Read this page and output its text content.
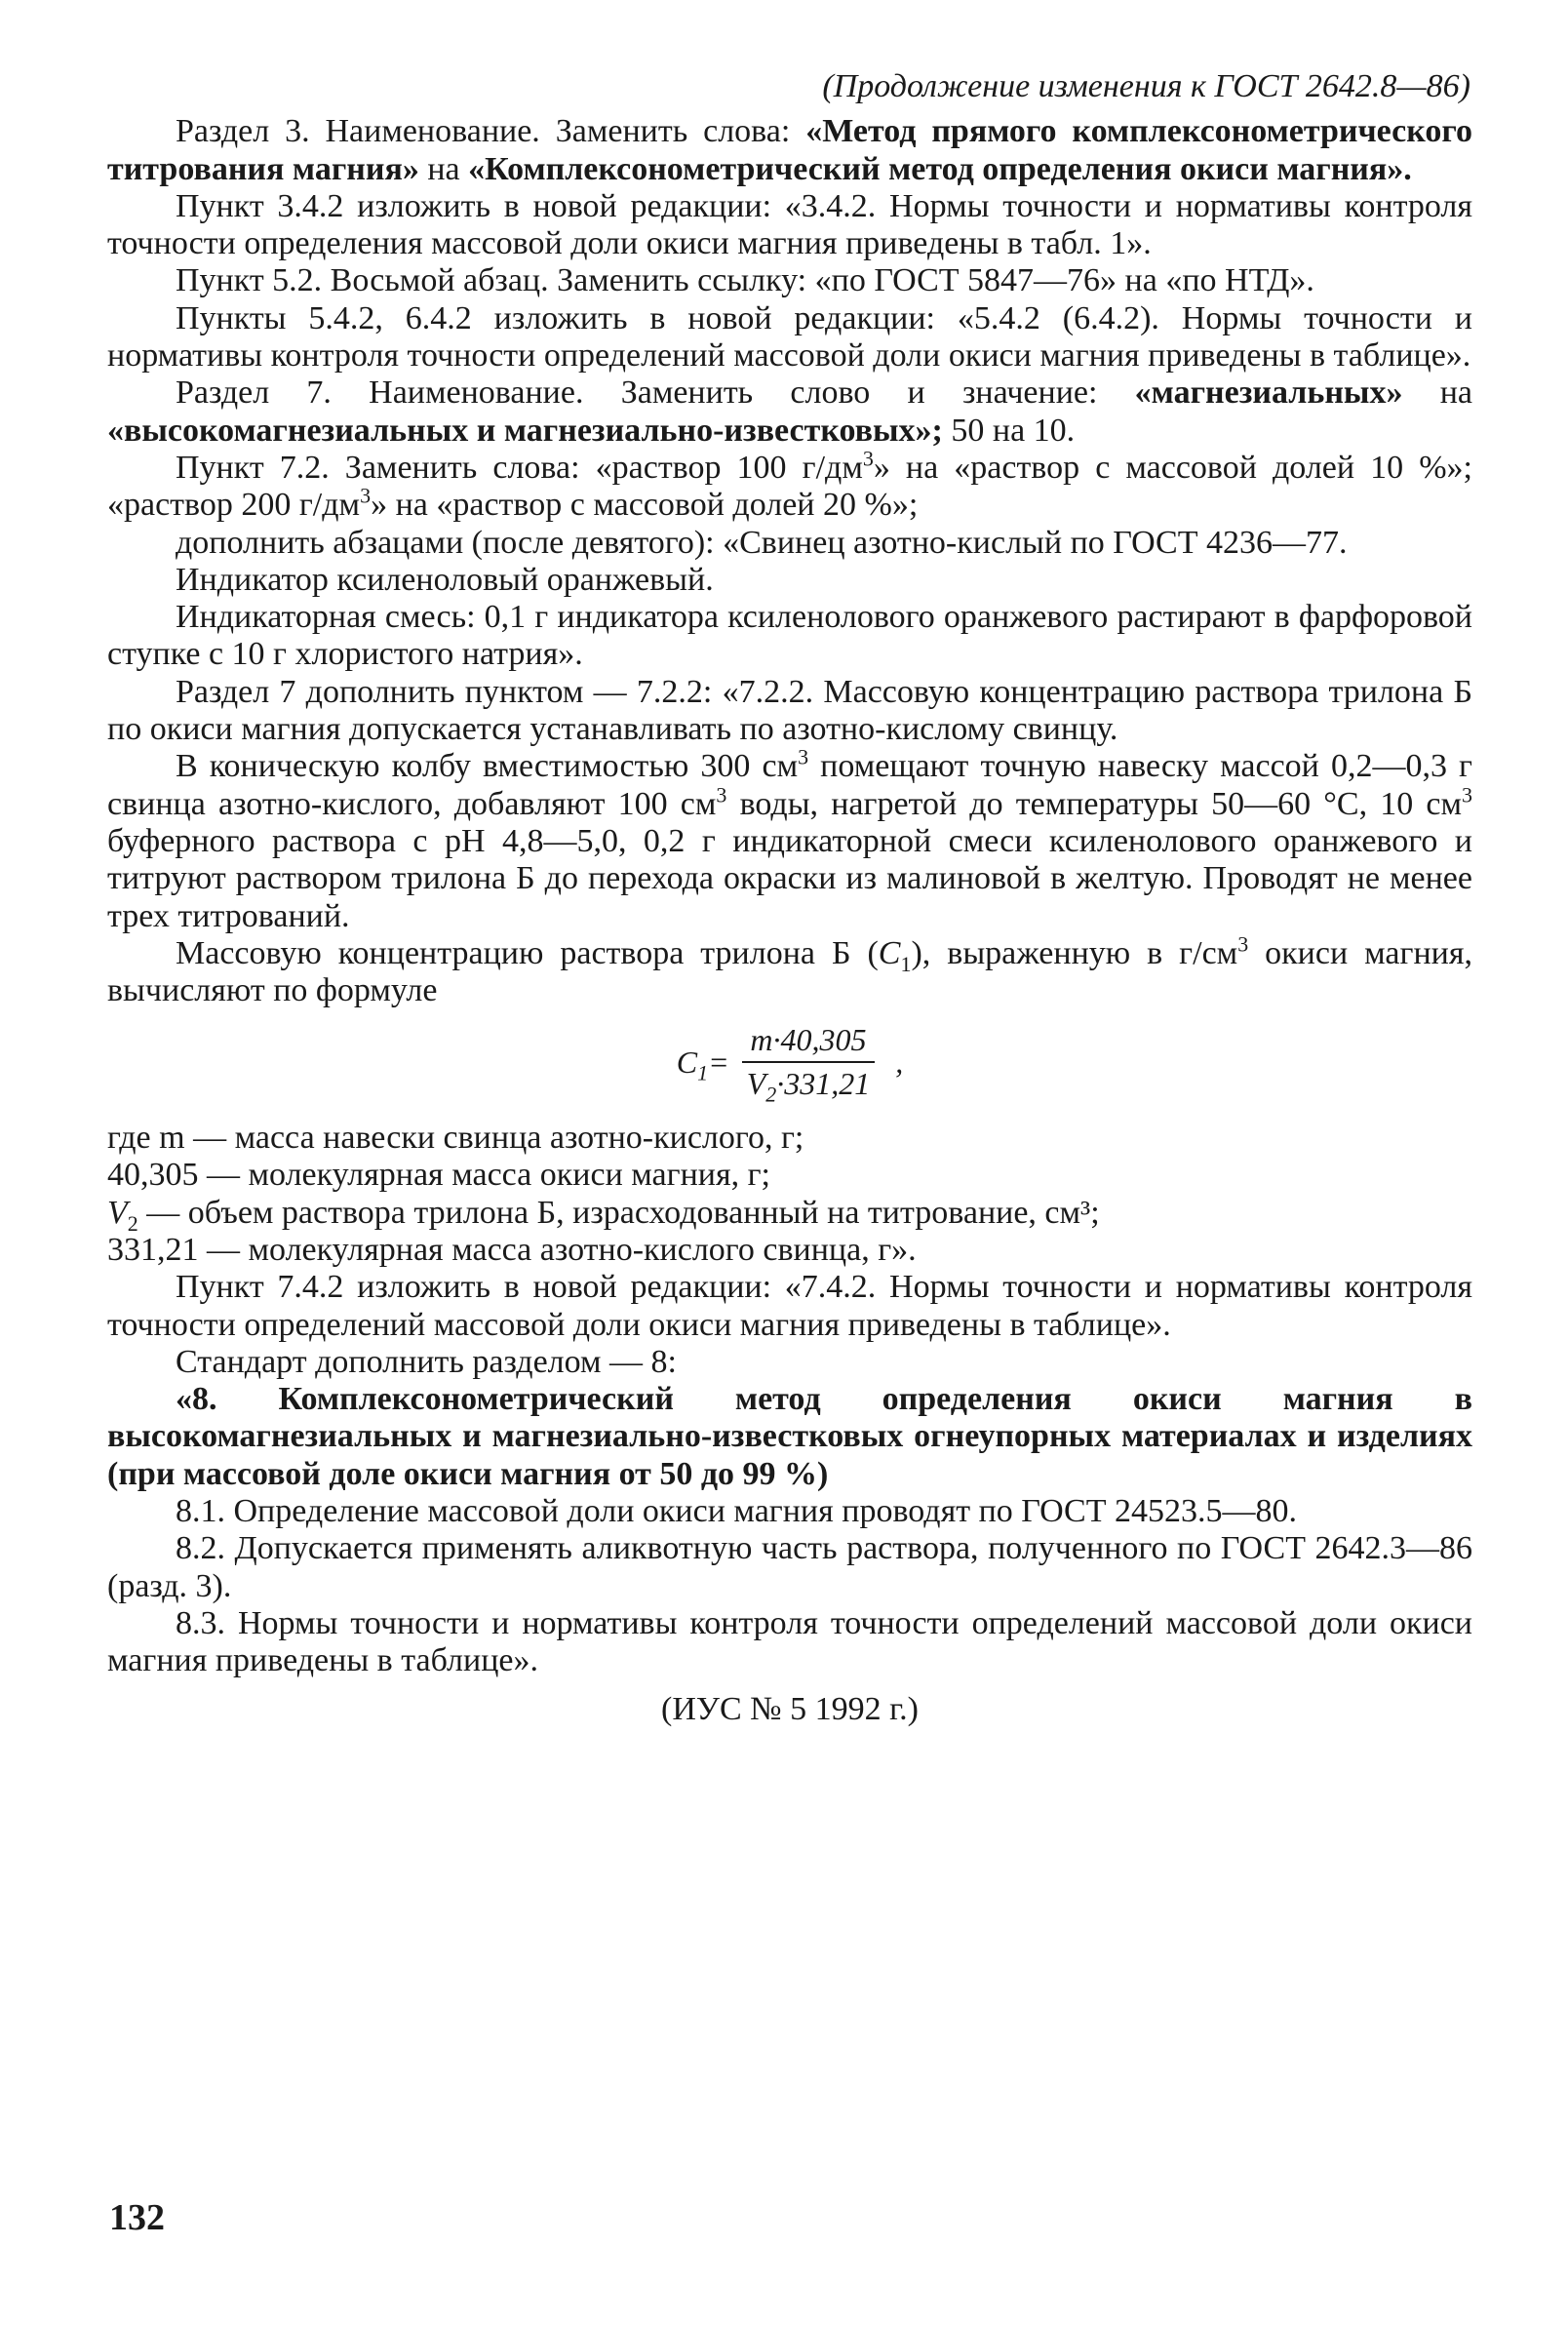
(Продолжение изменения к ГОСТ 2642.8—86)

Раздел 3. Наименование. Заменить слова: «Метод прямого комплексонометрического титрования магния» на «Комплексонометрический метод определения окиси магния».

Пункт 3.4.2 изложить в новой редакции: «3.4.2. Нормы точности и нормативы контроля точности определения массовой доли окиси магния приведены в табл. 1».

Пункт 5.2. Восьмой абзац. Заменить ссылку: «по ГОСТ 5847—76» на «по НТД».

Пункты 5.4.2, 6.4.2 изложить в новой редакции: «5.4.2 (6.4.2). Нормы точности и нормативы контроля точности определений массовой доли окиси магния приведены в таблице».

Раздел 7. Наименование. Заменить слово и значение: «магнезиальных» на «высокомагнезиальных и магнезиально-известковых»; 50 на 10.

Пункт 7.2. Заменить слова: «раствор 100 $г/дм^3$» на «раствор с массовой долей 10 %»; «раствор 200 $г/дм^3$» на «раствор с массовой долей 20 %»;

дополнить абзацами (после девятого): «Свинец азотно-кислый по ГОСТ 4236—77.

Индикатор ксиленоловый оранжевый.

Индикаторная смесь: 0,1 г индикатора ксиленолового оранжевого растирают в фарфоровой ступке с 10 г хлористого натрия».

Раздел 7 дополнить пунктом — 7.2.2: «7.2.2. Массовую концентрацию раствора трилона Б по окиси магния допускается устанавливать по азотно-кислому свинцу.

В коническую колбу вместимостью 300 $см^3$ помещают точную навеску массой 0,2—0,3 г свинца азотно-кислого, добавляют 100 $см^3$ воды, нагретой до температуры 50—60 °С, 10 $см^3$ буферного раствора с рН 4,8—5,0, 0,2 г индикаторной смеси ксиленолового оранжевого и титруют раствором трилона Б до перехода окраски из малиновой в желтую. Проводят не менее трех титрований.

Массовую концентрацию раствора трилона Б $(C_1)$, выраженную в $г/см^3$ окиси магния, вычисляют по формуле

$C_1= \frac{m\cdot 40,305}{V_2\cdot 331,21}$ ,

где m — масса навески свинца азотно-кислого, г;

40,305 — молекулярная масса окиси магния, г;

$V_2$ — объем раствора трилона Б, израсходованный на титрование, см³;

331,21 — молекулярная масса азотно-кислого свинца, г».

Пункт 7.4.2 изложить в новой редакции: «7.4.2. Нормы точности и нормативы контроля точности определений массовой доли окиси магния приведены в таблице».

Стандарт дополнить разделом — 8:

«8. Комплексонометрический метод определения окиси магния в высокомагнезиальных и магнезиально-известковых огнеупорных материалах и изделиях (при массовой доле окиси магния от 50 до 99 %)

8.1. Определение массовой доли окиси магния проводят по ГОСТ 24523.5—80.

8.2. Допускается применять аликвотную часть раствора, полученного по ГОСТ 2642.3—86 (разд. 3).

8.3. Нормы точности и нормативы контроля точности определений массовой доли окиси магния приведены в таблице».

(ИУС № 5 1992 г.)

132
